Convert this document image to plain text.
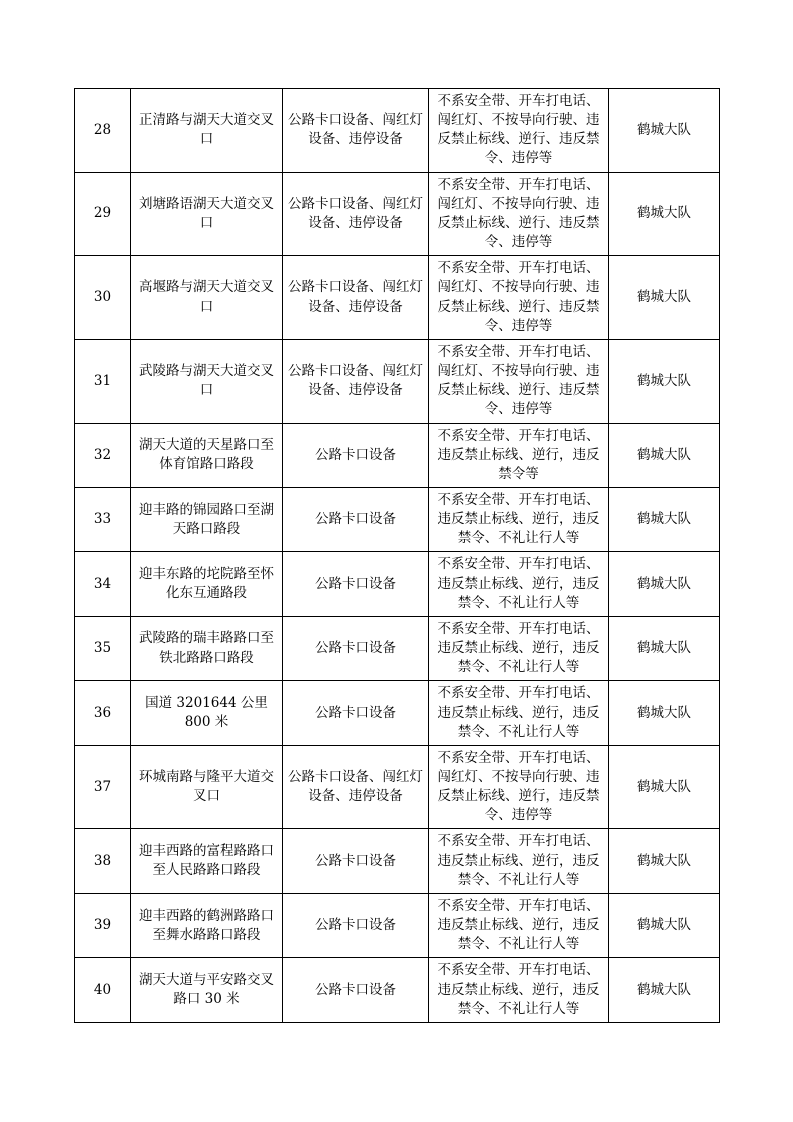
28	正清路与湖天大道交叉口	公路卡口设备、闯红灯设备、违停设备	不系安全带、开车打电话、闯红灯、不按导向行驶、违反禁止标线、逆行、违反禁令、违停等	鹤城大队
29	刘塘路语湖天大道交叉口	公路卡口设备、闯红灯设备、违停设备	不系安全带、开车打电话、闯红灯、不按导向行驶、违反禁止标线、逆行、违反禁令、违停等	鹤城大队
30	高堰路与湖天大道交叉口	公路卡口设备、闯红灯设备、违停设备	不系安全带、开车打电话、闯红灯、不按导向行驶、违反禁止标线、逆行、违反禁令、违停等	鹤城大队
31	武陵路与湖天大道交叉口	公路卡口设备、闯红灯设备、违停设备	不系安全带、开车打电话、闯红灯、不按导向行驶、违反禁止标线、逆行、违反禁令、违停等	鹤城大队
32	湖天大道的天星路口至体育馆路口路段	公路卡口设备	不系安全带、开车打电话、违反禁止标线、逆行，违反禁令等	鹤城大队
33	迎丰路的锦园路口至湖天路口路段	公路卡口设备	不系安全带、开车打电话、违反禁止标线、逆行，违反禁令、不礼让行人等	鹤城大队
34	迎丰东路的坨院路至怀化东互通路段	公路卡口设备	不系安全带、开车打电话、违反禁止标线、逆行，违反禁令、不礼让行人等	鹤城大队
35	武陵路的瑞丰路路口至铁北路路口路段	公路卡口设备	不系安全带、开车打电话、违反禁止标线、逆行，违反禁令、不礼让行人等	鹤城大队
36	国道 3201644 公里800 米	公路卡口设备	不系安全带、开车打电话、违反禁止标线、逆行，违反禁令、不礼让行人等	鹤城大队
37	环城南路与隆平大道交叉口	公路卡口设备、闯红灯设备、违停设备	不系安全带、开车打电话、闯红灯、不按导向行驶、违反禁止标线、逆行，违反禁令、违停等	鹤城大队
38	迎丰西路的富程路路口至人民路路口路段	公路卡口设备	不系安全带、开车打电话、违反禁止标线、逆行，违反禁令、不礼让行人等	鹤城大队
39	迎丰西路的鹤洲路路口至舞水路路口路段	公路卡口设备	不系安全带、开车打电话、违反禁止标线、逆行，违反禁令、不礼让行人等	鹤城大队
40	湖天大道与平安路交叉路口 30 米	公路卡口设备	不系安全带、开车打电话、违反禁止标线、逆行，违反禁令、不礼让行人等	鹤城大队
